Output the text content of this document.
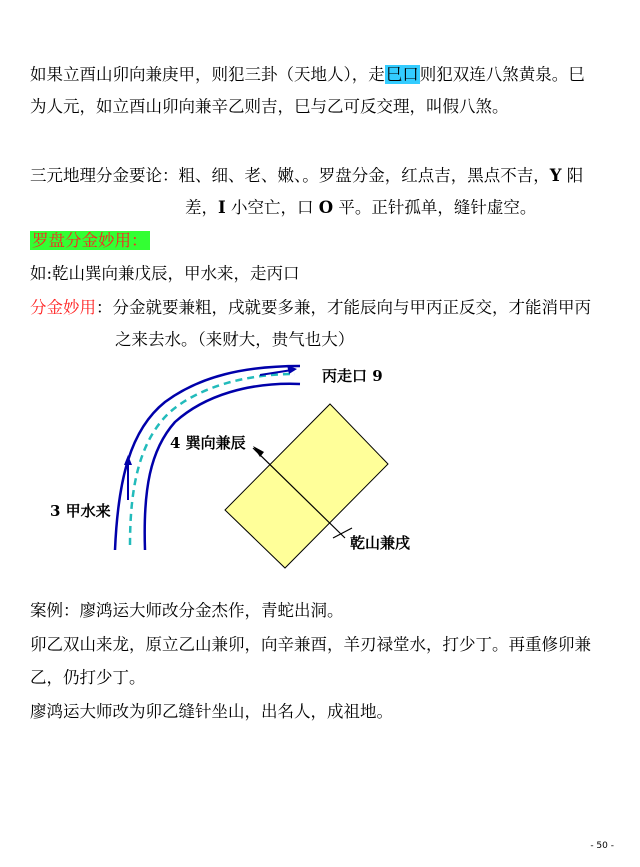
如果立酉山卯向兼庚甲，则犯三卦（天地人），走巳口则犯双连八煞黄泉。巳
为人元，如立酉山卯向兼辛乙则吉，巳与乙可反交理，叫假八煞。
三元地理分金要论：粗、细、老、嫩、。罗盘分金，红点吉，黑点不吉，Y 阳
差，I 小空亡，口 O 平。正针孤单，缝针虚空。
罗盘分金妙用：
如:乾山巽向兼戊辰，甲水来，走丙口
分金妙用：分金就要兼粗，戌就要多兼，才能辰向与甲丙正反交，才能消甲丙
之来去水。（来财大，贵气也大）
丙走口 9
4 巽向兼辰
3 甲水来
乾山兼戌
案例：廖鸿运大师改分金杰作，青蛇出洞。
卯乙双山来龙，原立乙山兼卯，向辛兼酉，羊刃禄堂水，打少丁。再重修卯兼
乙，仍打少丁。
廖鸿运大师改为卯乙缝针坐山，出名人，成祖地。
- 50 -
